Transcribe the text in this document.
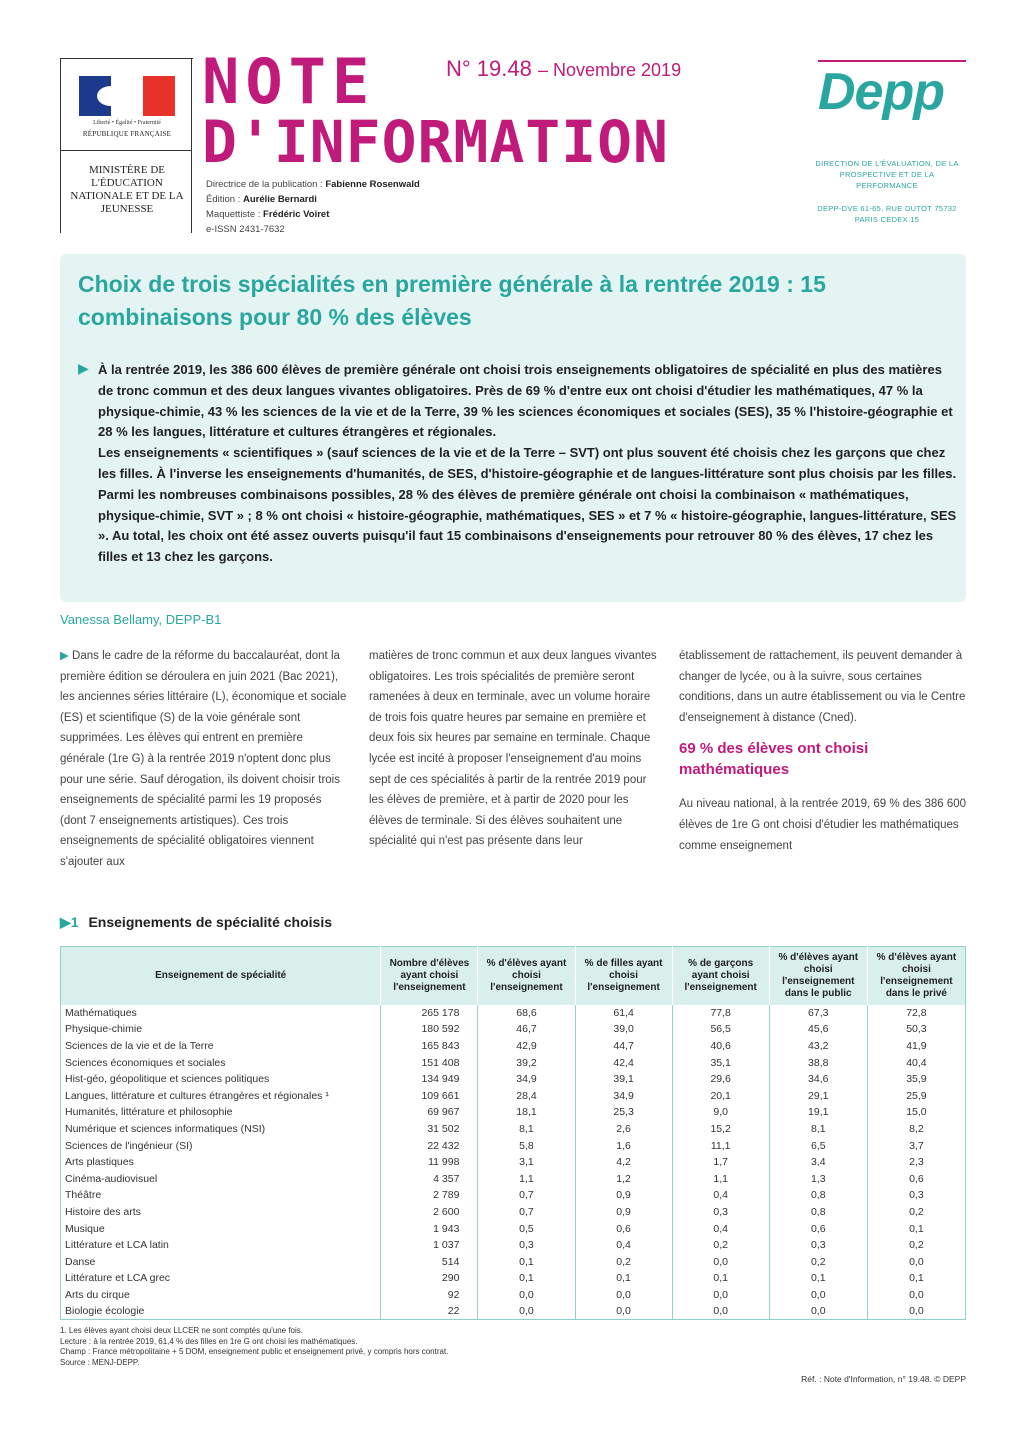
Liberté • Égalité • Fraternité
RÉPUBLIQUE FRANÇAISE
MINISTÈRE DE L'ÉDUCATION NATIONALE ET DE LA JEUNESSE
NOTE
D'INFORMATION
N° 19.48 – Novembre 2019
Directrice de la publication : Fabienne Rosenwald
Édition : Aurélie Bernardi
Maquettiste : Frédéric Voiret
e-ISSN 2431-7632
Depp
DIRECTION DE L'ÉVALUATION, DE LA PROSPECTIVE ET DE LA PERFORMANCE
DEPP-DVE 61-65, RUE DUTOT 75732 PARIS CEDEX 15
Choix de trois spécialités en première générale à la rentrée 2019 : 15 combinaisons pour 80 % des élèves
▶ À la rentrée 2019, les 386 600 élèves de première générale ont choisi trois enseignements obligatoires de spécialité en plus des matières de tronc commun et des deux langues vivantes obligatoires. Près de 69 % d'entre eux ont choisi d'étudier les mathématiques, 47 % la physique-chimie, 43 % les sciences de la vie et de la Terre, 39 % les sciences économiques et sociales (SES), 35 % l'histoire-géographie et 28 % les langues, littérature et cultures étrangères et régionales.

Les enseignements « scientifiques » (sauf sciences de la vie et de la Terre – SVT) ont plus souvent été choisis chez les garçons que chez les filles. À l'inverse les enseignements d'humanités, de SES, d'histoire-géographie et de langues-littérature sont plus choisis par les filles.

Parmi les nombreuses combinaisons possibles, 28 % des élèves de première générale ont choisi la combinaison « mathématiques, physique-chimie, SVT » ; 8 % ont choisi « histoire-géographie, mathématiques, SES » et 7 % « histoire-géographie, langues-littérature, SES ». Au total, les choix ont été assez ouverts puisqu'il faut 15 combinaisons d'enseignements pour retrouver 80 % des élèves, 17 chez les filles et 13 chez les garçons.

Vanessa Bellamy, DEPP-B1

▶ Dans le cadre de la réforme du baccalauréat, dont la première édition se déroulera en juin 2021 (Bac 2021), les anciennes séries littéraire (L), économique et sociale (ES) et scientifique (S) de la voie générale sont supprimées. Les élèves qui entrent en première générale (1re G) à la rentrée 2019 n'optent donc plus pour une série. Sauf dérogation, ils doivent choisir trois enseignements de spécialité parmi les 19 proposés (dont 7 enseignements artistiques). Ces trois enseignements de spécialité obligatoires viennent s'ajouter aux

matières de tronc commun et aux deux langues vivantes obligatoires. Les trois spécialités de première seront ramenées à deux en terminale, avec un volume horaire de trois fois quatre heures par semaine en première et deux fois six heures par semaine en terminale. Chaque lycée est incité à proposer l'enseignement d'au moins sept de ces spécialités à partir de la rentrée 2019 pour les élèves de première, et à partir de 2020 pour les élèves de terminale. Si des élèves souhaitent une spécialité qui n'est pas présente dans leur

établissement de rattachement, ils peuvent demander à changer de lycée, ou à la suivre, sous certaines conditions, dans un autre établissement ou via le Centre d'enseignement à distance (Cned).

69 % des élèves ont choisi mathématiques

Au niveau national, à la rentrée 2019, 69 % des 386 600 élèves de 1re G ont choisi d'étudier les mathématiques comme enseignement

▶1 Enseignements de spécialité choisis
Enseignement de spécialité	Nombre d'élèves ayant choisi l'enseignement	% d'élèves ayant choisi l'enseignement	% de filles ayant choisi l'enseignement	% de garçons ayant choisi l'enseignement	% d'élèves ayant choisi l'enseignement dans le public	% d'élèves ayant choisi l'enseignement dans le privé
Mathématiques	265 178	68,6	61,4	77,8	67,3	72,8
Physique-chimie	180 592	46,7	39,0	56,5	45,6	50,3
Sciences de la vie et de la Terre	165 843	42,9	44,7	40,6	43,2	41,9
Sciences économiques et sociales	151 408	39,2	42,4	35,1	38,8	40,4
Hist-géo, géopolitique et sciences politiques	134 949	34,9	39,1	29,6	34,6	35,9
Langues, littérature et cultures étrangères et régionales ¹	109 661	28,4	34,9	20,1	29,1	25,9
Humanités, littérature et philosophie	69 967	18,1	25,3	9,0	19,1	15,0
Numérique et sciences informatiques (NSI)	31 502	8,1	2,6	15,2	8,1	8,2
Sciences de l'ingénieur (SI)	22 432	5,8	1,6	11,1	6,5	3,7
Arts plastiques	11 998	3,1	4,2	1,7	3,4	2,3
Cinéma-audiovisuel	4 357	1,1	1,2	1,1	1,3	0,6
Théâtre	2 789	0,7	0,9	0,4	0,8	0,3
Histoire des arts	2 600	0,7	0,9	0,3	0,8	0,2
Musique	1 943	0,5	0,6	0,4	0,6	0,1
Littérature et LCA latin	1 037	0,3	0,4	0,2	0,3	0,2
Danse	514	0,1	0,2	0,0	0,2	0,0
Littérature et LCA grec	290	0,1	0,1	0,1	0,1	0,1
Arts du cirque	92	0,0	0,0	0,0	0,0	0,0
Biologie écologie	22	0,0	0,0	0,0	0,0	0,0
1. Les élèves ayant choisi deux LLCER ne sont comptés qu'une fois.
Lecture : à la rentrée 2019, 61,4 % des filles en 1re G ont choisi les mathématiques.
Champ : France métropolitaine + 5 DOM, enseignement public et enseignement privé, y compris hors contrat.
Source : MENJ-DEPP.
Réf. : Note d'Information, n° 19.48. © DEPP
